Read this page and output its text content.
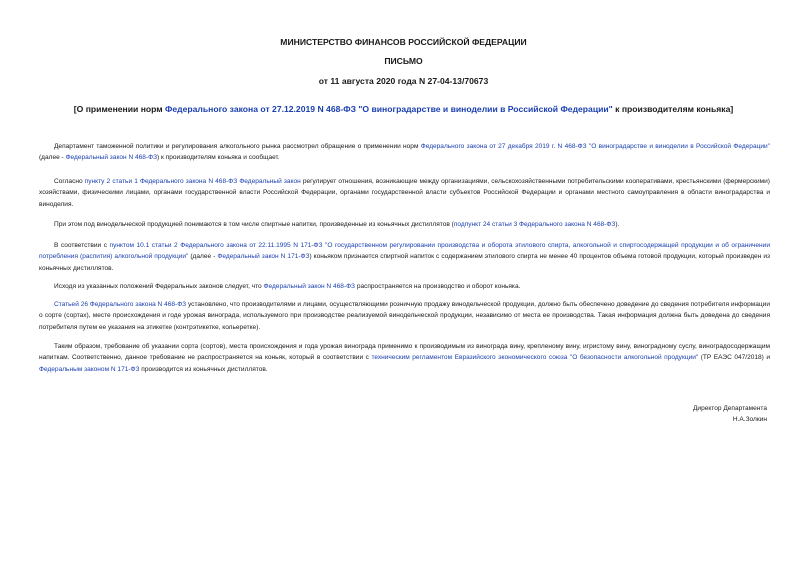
МИНИСТЕРСТВО ФИНАНСОВ РОССИЙСКОЙ ФЕДЕРАЦИИ
ПИСЬМО
от 11 августа 2020 года N 27-04-13/70673
[О применении норм Федерального закона от 27.12.2019 N 468-ФЗ "О виноградарстве и виноделии в Российской Федерации" к производителям коньяка]

Департамент таможенной политики и регулирования алкогольного рынка рассмотрел обращение о применении норм Федерального закона от 27 декабря 2019 г. N 468-ФЗ "О виноградарстве и виноделии в Российской Федерации" (далее - Федеральный закон N 468-ФЗ) к производителям коньяка и сообщает.

Согласно пункту 2 статьи 1 Федерального закона N 468-ФЗ Федеральный закон регулирует отношения, возникающие между организациями, сельскохозяйственными потребительскими кооперативами, крестьянскими (фермерскими) хозяйствами, физическими лицами, органами государственной власти Российской Федерации, органами государственной власти субъектов Российской Федерации и органами местного самоуправления в области виноградарства и виноделия.

При этом под винодельческой продукцией понимаются в том числе спиртные напитки, произведенные из коньячных дистиллятов (подпункт 24 статьи 3 Федерального закона N 468-ФЗ).

В соответствии с пунктом 10.1 статьи 2 Федерального закона от 22.11.1995 N 171-ФЗ "О государственном регулировании производства и оборота этилового спирта, алкогольной и спиртосодержащей продукции и об ограничении потребления (распития) алкогольной продукции" (далее - Федеральный закон N 171-ФЗ) коньяком признается спиртной напиток с содержанием этилового спирта не менее 40 процентов объема готовой продукции, который произведен из коньячных дистиллятов.

Исходя из указанных положений Федеральных законов следует, что Федеральный закон N 468-ФЗ распространяется на производство и оборот коньяка.

Статьей 26 Федерального закона N 468-ФЗ установлено, что производителями и лицами, осуществляющими розничную продажу винодельческой продукции, должно быть обеспечено доведение до сведения потребителя информации о сорте (сортах), месте происхождения и годе урожая винограда, используемого при производстве реализуемой винодельческой продукции, независимо от места ее производства. Такая информация должна быть доведена до сведения потребителя путем ее указания на этикетке (контрэтикетке, кольеретке).

Таким образом, требование об указании сорта (сортов), места происхождения и года урожая винограда применимо к производимым из винограда вину, крепленому вину, игристому вину, виноградному суслу, виноградосодержащим напиткам. Соответственно, данное требование не распространяется на коньяк, который в соответствии с техническим регламентом Евразийского экономического союза "О безопасности алкогольной продукции" (ТР ЕАЭС 047/2018) и Федеральным законом N 171-ФЗ производится из коньячных дистиллятов.

Директор Департамента
Н.А.Золкин
